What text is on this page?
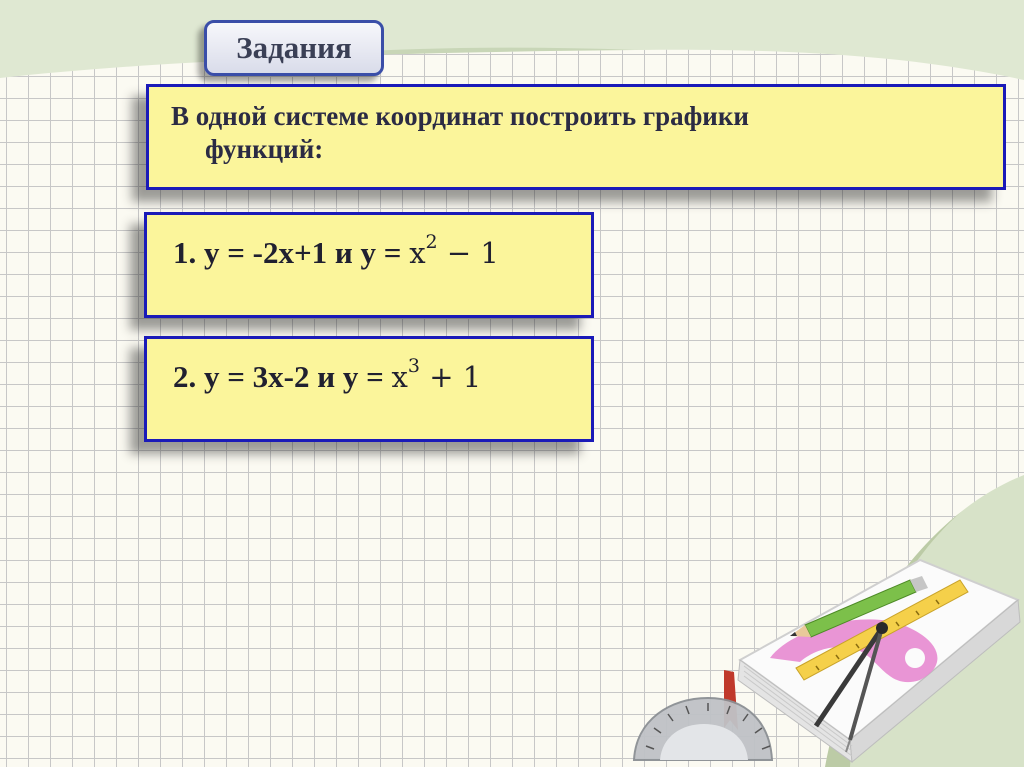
Задания
В одной системе координат построить графики
функций:
1. у = -2х+1 и $у = x^2 - 1$
2. у = 3х-2 и $у = x^3 + 1$
